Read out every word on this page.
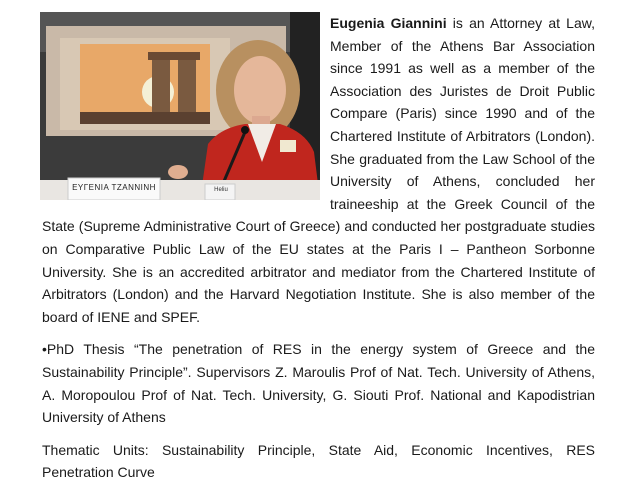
ΕΥΓΕΝΙΑ ΤΖΑΝΝΙΝΗ	Heliu

Eugenia Giannini is an Attorney at Law, Member of the Athens Bar Association since 1991 as well as a member of the Association des Juristes de Droit Public Compare (Paris) since 1990 and of the Chartered Institute of Arbitrators (London). She graduated from the Law School of the University of Athens, concluded her traineeship at the Greek Council of the State (Supreme Administrative Court of Greece) and conducted her postgraduate studies on Comparative Public Law of the EU states at the Paris I – Pantheon Sorbonne University. She is an accredited arbitrator and mediator from the Chartered Institute of Arbitrators (London) and the Harvard Negotiation Institute. She is also member of the board of IENE and SPEF.

•PhD Thesis “The penetration of RES in the energy system of Greece and the Sustainability Principle”. Supervisors Z. Maroulis Prof of Nat. Tech. University of Athens, A. Moropoulou Prof of Nat. Tech. University, G. Siouti Prof. National and Kapodistrian University of Athens

Thematic Units: Sustainability Principle, State Aid, Economic Incentives, RES Penetration Curve
